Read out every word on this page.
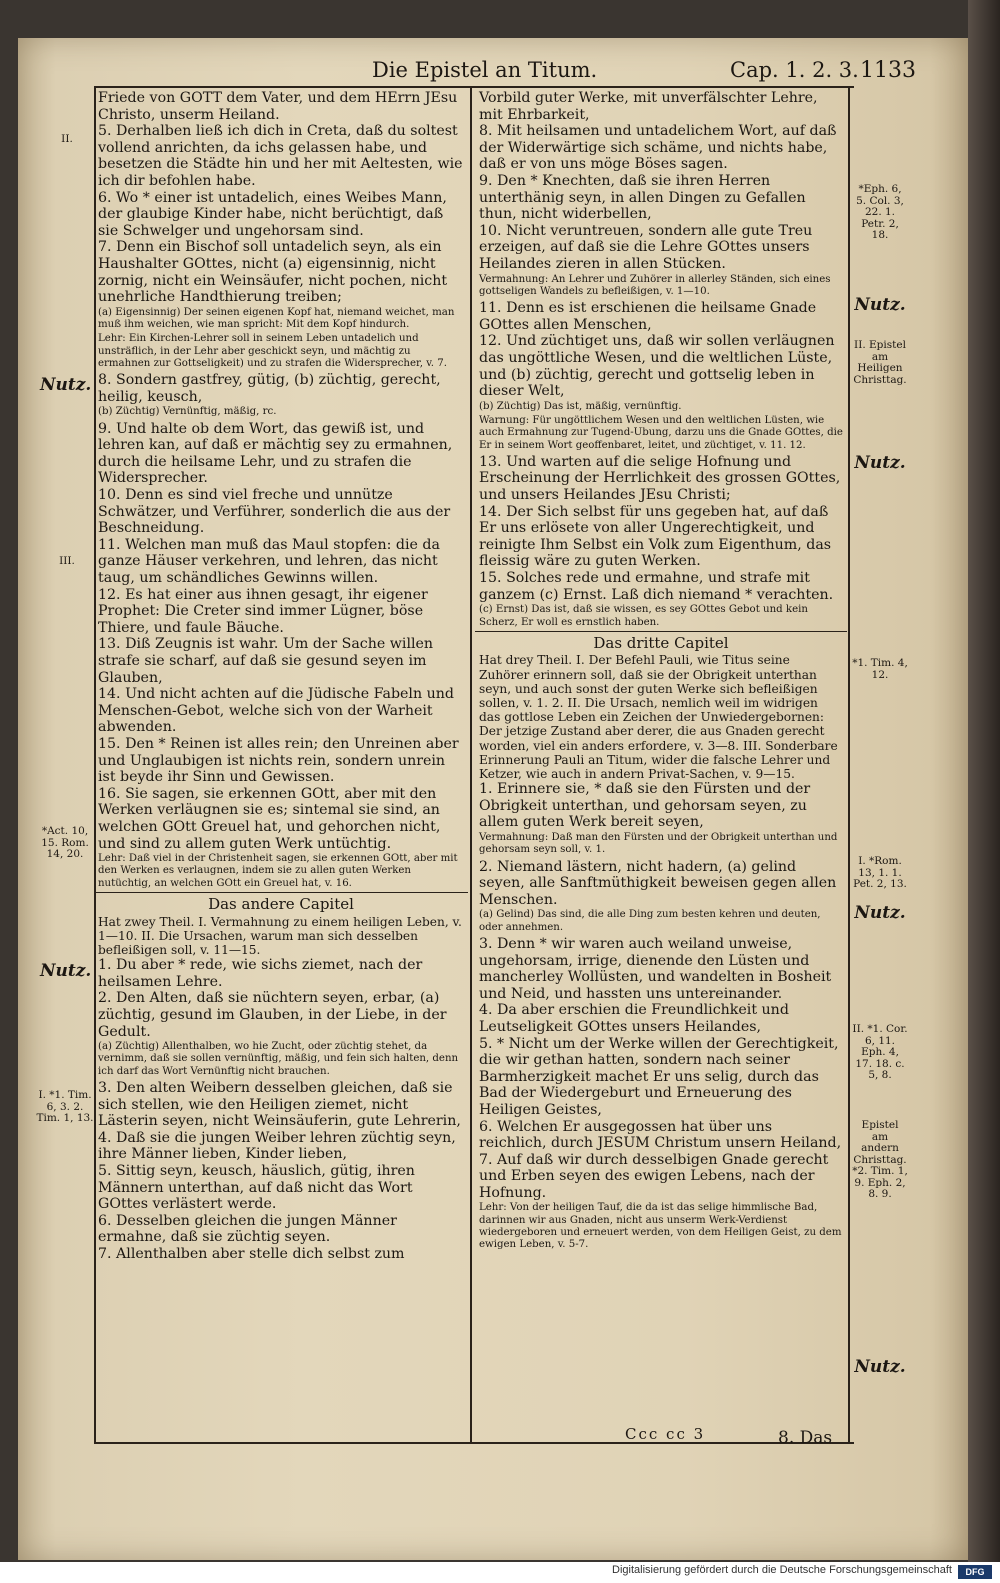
Die Epistel an Titum.	Cap. 1. 2. 3. 1133

Friede von GOTT dem Vater, und dem HErrn JEsu Christo, unserm Heiland.

5. Derhalben ließ ich dich in Creta, daß du soltest vollend anrichten, da ichs gelassen habe, und besetzen die Städte hin und her mit Aeltesten, wie ich dir befohlen habe.

6. Wo * einer ist untadelich, eines Weibes Mann, der glaubige Kinder habe, nicht berüchtigt, daß sie Schwelger und ungehorsam sind.

7. Denn ein Bischof soll untadelich seyn, als ein Haushalter GOttes, nicht (a) eigensinnig, nicht zornig, nicht ein Weinsäufer, nicht pochen, nicht unehrliche Handthierung treiben;

(a) Eigensinnig) Der seinen eigenen Kopf hat, niemand weichet, man muß ihm weichen, wie man spricht: Mit dem Kopf hindurch.

Lehr: Ein Kirchen-Lehrer soll in seinem Leben untadelich und unsträflich, in der Lehr aber geschickt seyn, und mächtig zu ermahnen zur Gottseligkeit) und zu strafen die Widersprecher, v. 7.

8. Sondern gastfrey, gütig, (b) züchtig, gerecht, heilig, keusch,

(b) Züchtig) Vernünftig, mäßig, rc.

9. Und halte ob dem Wort, das gewiß ist, und lehren kan, auf daß er mächtig sey zu ermahnen, durch die heilsame Lehr, und zu strafen die Widersprecher.

10. Denn es sind viel freche und unnütze Schwätzer, und Verführer, sonderlich die aus der Beschneidung.

11. Welchen man muß das Maul stopfen: die da ganze Häuser verkehren, und lehren, das nicht taug, um schändliches Gewinns willen.

12. Es hat einer aus ihnen gesagt, ihr eigener Prophet: Die Creter sind immer Lügner, böse Thiere, und faule Bäuche.

13. Diß Zeugnis ist wahr. Um der Sache willen strafe sie scharf, auf daß sie gesund seyen im Glauben,

14. Und nicht achten auf die Jüdische Fabeln und Menschen-Gebot, welche sich von der Warheit abwenden.

15. Den * Reinen ist alles rein; den Unreinen aber und Unglaubigen ist nichts rein, sondern unrein ist beyde ihr Sinn und Gewissen.

16. Sie sagen, sie erkennen GOtt, aber mit den Werken verläugnen sie es; sintemal sie sind, an welchen GOtt Greuel hat, und gehorchen nicht, und sind zu allem guten Werk untüchtig.

Lehr: Daß viel in der Christenheit sagen, sie erkennen GOtt, aber mit den Werken es verlaugnen, indem sie zu allen guten Werken nutüchtig, an welchen GOtt ein Greuel hat, v. 16.

Das andere Capitel

Hat zwey Theil. I. Vermahnung zu einem heiligen Leben, v. 1—10. II. Die Ursachen, warum man sich desselben befleißigen soll, v. 11—15.

1. Du aber * rede, wie sichs ziemet, nach der heilsamen Lehre.

2. Den Alten, daß sie nüchtern seyen, erbar, (a) züchtig, gesund im Glauben, in der Liebe, in der Gedult.

(a) Züchtig) Allenthalben, wo hie Zucht, oder züchtig stehet, da vernimm, daß sie sollen vernünftig, mäßig, und fein sich halten, denn ich darf das Wort Vernünftig nicht brauchen.

3. Den alten Weibern desselben gleichen, daß sie sich stellen, wie den Heiligen ziemet, nicht Lästerin seyen, nicht Weinsäuferin, gute Lehrerin,

4. Daß sie die jungen Weiber lehren züchtig seyn, ihre Männer lieben, Kinder lieben,

5. Sittig seyn, keusch, häuslich, gütig, ihren Männern unterthan, auf daß nicht das Wort GOttes verlästert werde.

6. Desselben gleichen die jungen Männer ermahne, daß sie züchtig seyen.

7. Allenthalben aber stelle dich selbst zum

Vorbild guter Werke, mit unverfälschter Lehre, mit Ehrbarkeit,

8. Mit heilsamen und untadelichem Wort, auf daß der Widerwärtige sich schäme, und nichts habe, daß er von uns möge Böses sagen.

9. Den * Knechten, daß sie ihren Herren unterthänig seyn, in allen Dingen zu Gefallen thun, nicht widerbellen,

10. Nicht veruntreuen, sondern alle gute Treu erzeigen, auf daß sie die Lehre GOttes unsers Heilandes zieren in allen Stücken.

Vermahnung: An Lehrer und Zuhörer in allerley Ständen, sich eines gottseligen Wandels zu befleißigen, v. 1—10.

11. Denn es ist erschienen die heilsame Gnade GOttes allen Menschen,

12. Und züchtiget uns, daß wir sollen verläugnen das ungöttliche Wesen, und die weltlichen Lüste, und (b) züchtig, gerecht und gottselig leben in dieser Welt,

(b) Züchtig) Das ist, mäßig, vernünftig.

Warnung: Für ungöttlichem Wesen und den weltlichen Lüsten, wie auch Ermahnung zur Tugend-Ubung, darzu uns die Gnade GOttes, die Er in seinem Wort geoffenbaret, leitet, und züchtiget, v. 11. 12.

13. Und warten auf die selige Hofnung und Erscheinung der Herrlichkeit des grossen GOttes, und unsers Heilandes JEsu Christi;

14. Der Sich selbst für uns gegeben hat, auf daß Er uns erlösete von aller Ungerechtigkeit, und reinigte Ihm Selbst ein Volk zum Eigenthum, das fleissig wäre zu guten Werken.

15. Solches rede und ermahne, und strafe mit ganzem (c) Ernst. Laß dich niemand * verachten.

(c) Ernst) Das ist, daß sie wissen, es sey GOttes Gebot und kein Scherz, Er woll es ernstlich haben.

Das dritte Capitel

Hat drey Theil. I. Der Befehl Pauli, wie Titus seine Zuhörer erinnern soll, daß sie der Obrigkeit unterthan seyn, und auch sonst der guten Werke sich befleißigen sollen, v. 1. 2. II. Die Ursach, nemlich weil im widrigen das gottlose Leben ein Zeichen der Unwiedergebornen: Der jetzige Zustand aber derer, die aus Gnaden gerecht worden, viel ein anders erfordere, v. 3—8. III. Sonderbare Erinnerung Pauli an Titum, wider die falsche Lehrer und Ketzer, wie auch in andern Privat-Sachen, v. 9—15.

1. Erinnere sie, * daß sie den Fürsten und der Obrigkeit unterthan, und gehorsam seyen, zu allem guten Werk bereit seyen,

Vermahnung: Daß man den Fürsten und der Obrigkeit unterthan und gehorsam seyn soll, v. 1.

2. Niemand lästern, nicht hadern, (a) gelind seyen, alle Sanftmüthigkeit beweisen gegen allen Menschen.

(a) Gelind) Das sind, die alle Ding zum besten kehren und deuten, oder annehmen.

3. Denn * wir waren auch weiland unweise, ungehorsam, irrige, dienende den Lüsten und mancherley Wollüsten, und wandelten in Bosheit und Neid, und hassten uns untereinander.

4. Da aber erschien die Freundlichkeit und Leutseligkeit GOttes unsers Heilandes,

5. * Nicht um der Werke willen der Gerechtigkeit, die wir gethan hatten, sondern nach seiner Barmherzigkeit machet Er uns selig, durch das Bad der Wiedergeburt und Erneuerung des Heiligen Geistes,

6. Welchen Er ausgegossen hat über uns reichlich, durch JESUM Christum unsern Heiland,

7. Auf daß wir durch desselbigen Gnade gerecht und Erben seyen des ewigen Lebens, nach der Hofnung.

Lehr: Von der heiligen Tauf, die da ist das selige himmlische Bad, darinnen wir aus Gnaden, nicht aus unserm Werk-Verdienst wiedergeboren und erneuert werden, von dem Heiligen Geist, zu dem ewigen Leben, v. 5-7.

II.
Nutz.
III.
*Act. 10, 15. Rom. 14, 20.
Nutz.
I. *1. Tim. 6, 3. 2. Tim. 1, 13.
*Eph. 6, 5. Col. 3, 22. 1. Petr. 2, 18.
Nutz.
II. Epistel am Heiligen Christtag.
Nutz.
*1. Tim. 4, 12.
I. *Rom. 13, 1. 1. Pet. 2, 13.
Nutz.
II. *1. Cor. 6, 11. Eph. 4, 17. 18. c. 5, 8.
Epistel am andern Christtag. *2. Tim. 1, 9. Eph. 2, 8. 9.
Nutz.
Ccc cc 3	8. Das
Digitalisierung gefördert durch die Deutsche Forschungsgemeinschaft	DFG
